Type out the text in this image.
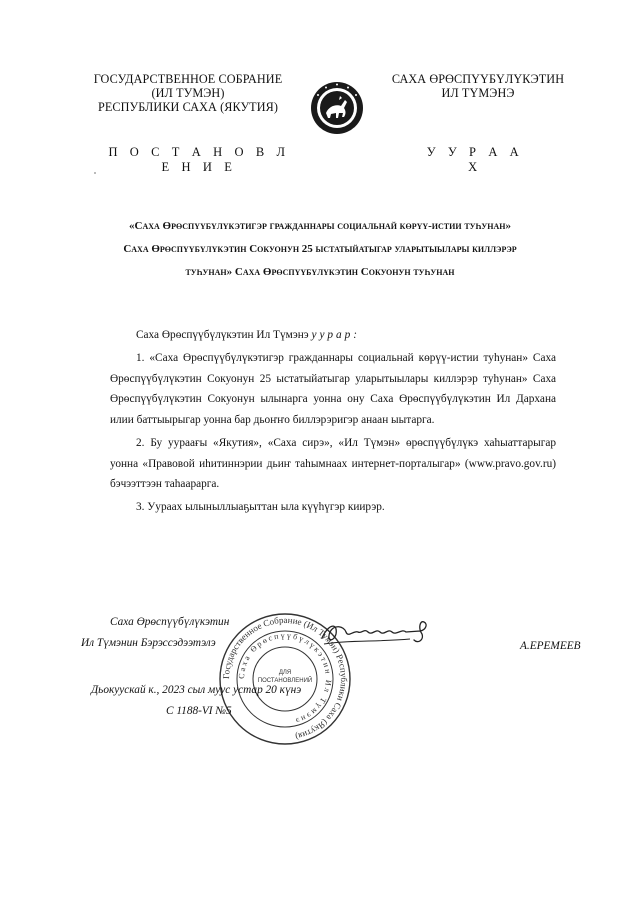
ГОСУДАРСТВЕННОЕ СОБРАНИЕ
(ИЛ ТУМЭН)
РЕСПУБЛИКИ САХА (ЯКУТИЯ)
САХА ӨРӨСПҮҮБҮЛҮКЭТИН
ИЛ ТҮМЭНЭ
П О С Т А Н О В Л Е Н И Е
У У Р А А Х
«Саха Өрөспүүбүлүкэтигэр гражданнары социальнай көрүү-истии туһунан»
Саха Өрөспүүбүлүкэтин Сокуонун 25 ыстатыйатыгар уларытыылары киллэрэр
туһунан» Саха Өрөспүүбүлүкэтин Сокуонун туһунан
Саха Өрөспүүбүлүкэтин Ил Түмэнэ уурар:
1. «Саха Өрөспүүбүлүкэтигэр гражданнары социальнай көрүү-истии туһунан» Саха Өрөспүүбүлүкэтин Сокуонун 25 ыстатыйатыгар уларытыылары киллэрэр туһунан» Саха Өрөспүүбүлүкэтин Сокуонун ылынарга уонна ону Саха Өрөспүүбүлүкэтин Ил Дархана илии баттыырыгар уонна бар дьоҥҥо биллэрэригэр анаан ыытарга.
2. Бу уураағы «Якутия», «Саха сирэ», «Ил Түмэн» өрөспүүбүлүкэ хаһыаттарыгар уонна «Правовой иһитиннэрии дьиҥ таһымнаах интернет-порталыгар» (www.pravo.gov.ru) бэчээттээн таһаарарга.
3. Уураах ылыныллыаҕыттан ыла күүһүгэр киирэр.
Государственное Собрание (Ил Тумэн) Республики Саха (Якутия)
Саха Өрөспүүбүлүкэтин Ил Түмэнэ
ДЛЯ ПОСТАНОВЛЕНИЙ
Саха Өрөспүүбүлүкэтин
Ил Түмэнин Бэрэссэдээтэлэ	А.ЕРЕМЕЕВ
Дьокуускай к., 2023 сыл муус устар 20 күнэ
С 1188-VI №5
